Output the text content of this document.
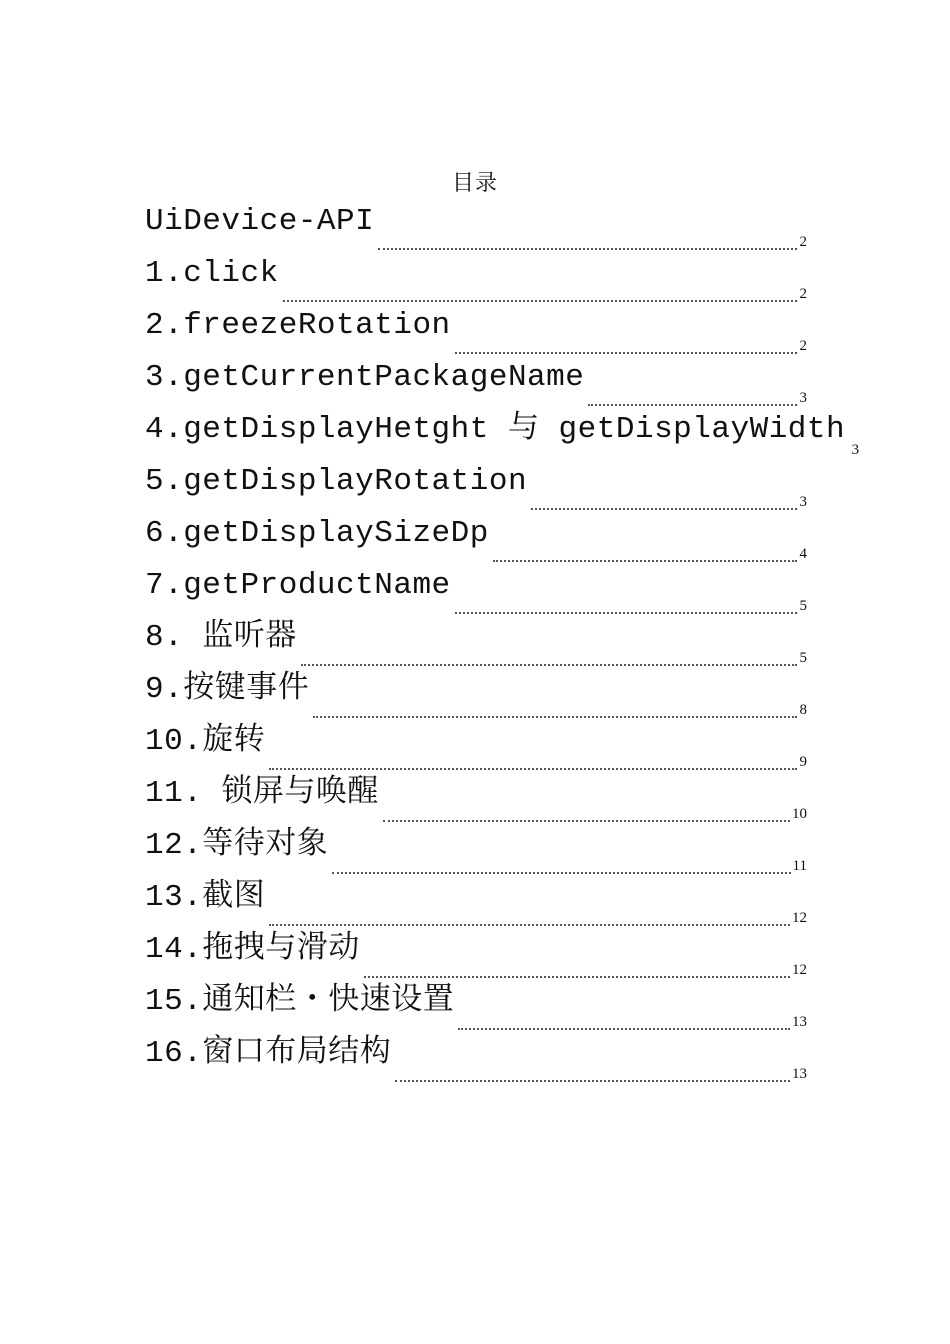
目录
UiDevice-API
2
1.click
2
2.freezeRotation
2
3.getCurrentPackageName
3
4.getDisplayHetght 与 getDisplayWidth
3
5.getDisplayRotation
3
6.getDisplaySizeDp
4
7.getProductName
5
8. 监听器
5
9.按键事件
8
10.旋转
9
11. 锁屏与唤醒
10
12.等待对象
11
13.截图
12
14.拖拽与滑动
12
15.通知栏・快速设置
13
16.窗口布局结构
13
